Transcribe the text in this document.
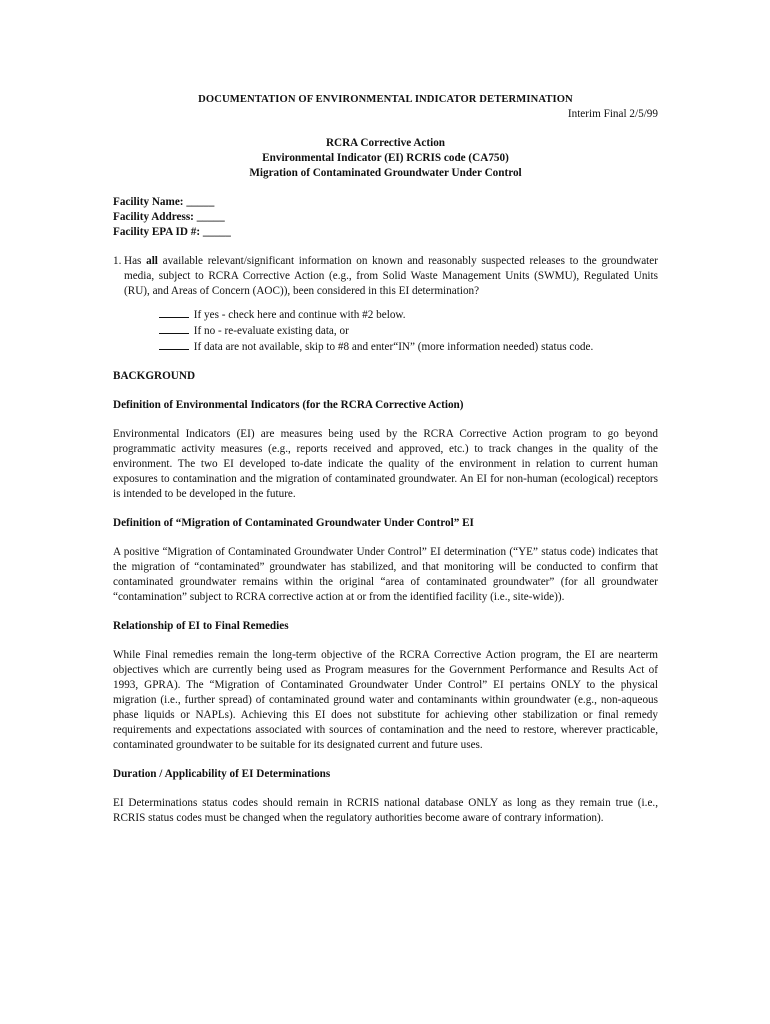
DOCUMENTATION OF ENVIRONMENTAL INDICATOR DETERMINATION

Interim Final 2/5/99

RCRA Corrective Action
Environmental Indicator (EI) RCRIS code (CA750)
Migration of Contaminated Groundwater Under Control
Facility Name: _____
Facility Address: _____
Facility EPA ID #: _____
1. Has all available relevant/significant information on known and reasonably suspected releases to the groundwater media, subject to RCRA Corrective Action (e.g., from Solid Waste Management Units (SWMU), Regulated Units (RU), and Areas of Concern (AOC)), been considered in this EI determination?
If yes - check here and continue with #2 below.
If no - re-evaluate existing data, or
If data are not available, skip to #8 and enter“IN” (more information needed) status code.
BACKGROUND
Definition of Environmental Indicators (for the RCRA Corrective Action)
Environmental Indicators (EI) are measures being used by the RCRA Corrective Action program to go beyond programmatic activity measures (e.g., reports received and approved, etc.) to track changes in the quality of the environment. The two EI developed to-date indicate the quality of the environment in relation to current human exposures to contamination and the migration of contaminated groundwater. An EI for non-human (ecological) receptors is intended to be developed in the future.
Definition of “Migration of Contaminated Groundwater Under Control” EI
A positive “Migration of Contaminated Groundwater Under Control” EI determination (“YE” status code) indicates that the migration of “contaminated” groundwater has stabilized, and that monitoring will be conducted to confirm that contaminated groundwater remains within the original “area of contaminated groundwater” (for all groundwater “contamination” subject to RCRA corrective action at or from the identified facility (i.e., site-wide)).
Relationship of EI to Final Remedies
While Final remedies remain the long-term objective of the RCRA Corrective Action program, the EI are nearterm objectives which are currently being used as Program measures for the Government Performance and Results Act of 1993, GPRA). The “Migration of Contaminated Groundwater Under Control” EI pertains ONLY to the physical migration (i.e., further spread) of contaminated ground water and contaminants within groundwater (e.g., non-aqueous phase liquids or NAPLs). Achieving this EI does not substitute for achieving other stabilization or final remedy requirements and expectations associated with sources of contamination and the need to restore, wherever practicable, contaminated groundwater to be suitable for its designated current and future uses.
Duration / Applicability of EI Determinations
EI Determinations status codes should remain in RCRIS national database ONLY as long as they remain true (i.e., RCRIS status codes must be changed when the regulatory authorities become aware of contrary information).
